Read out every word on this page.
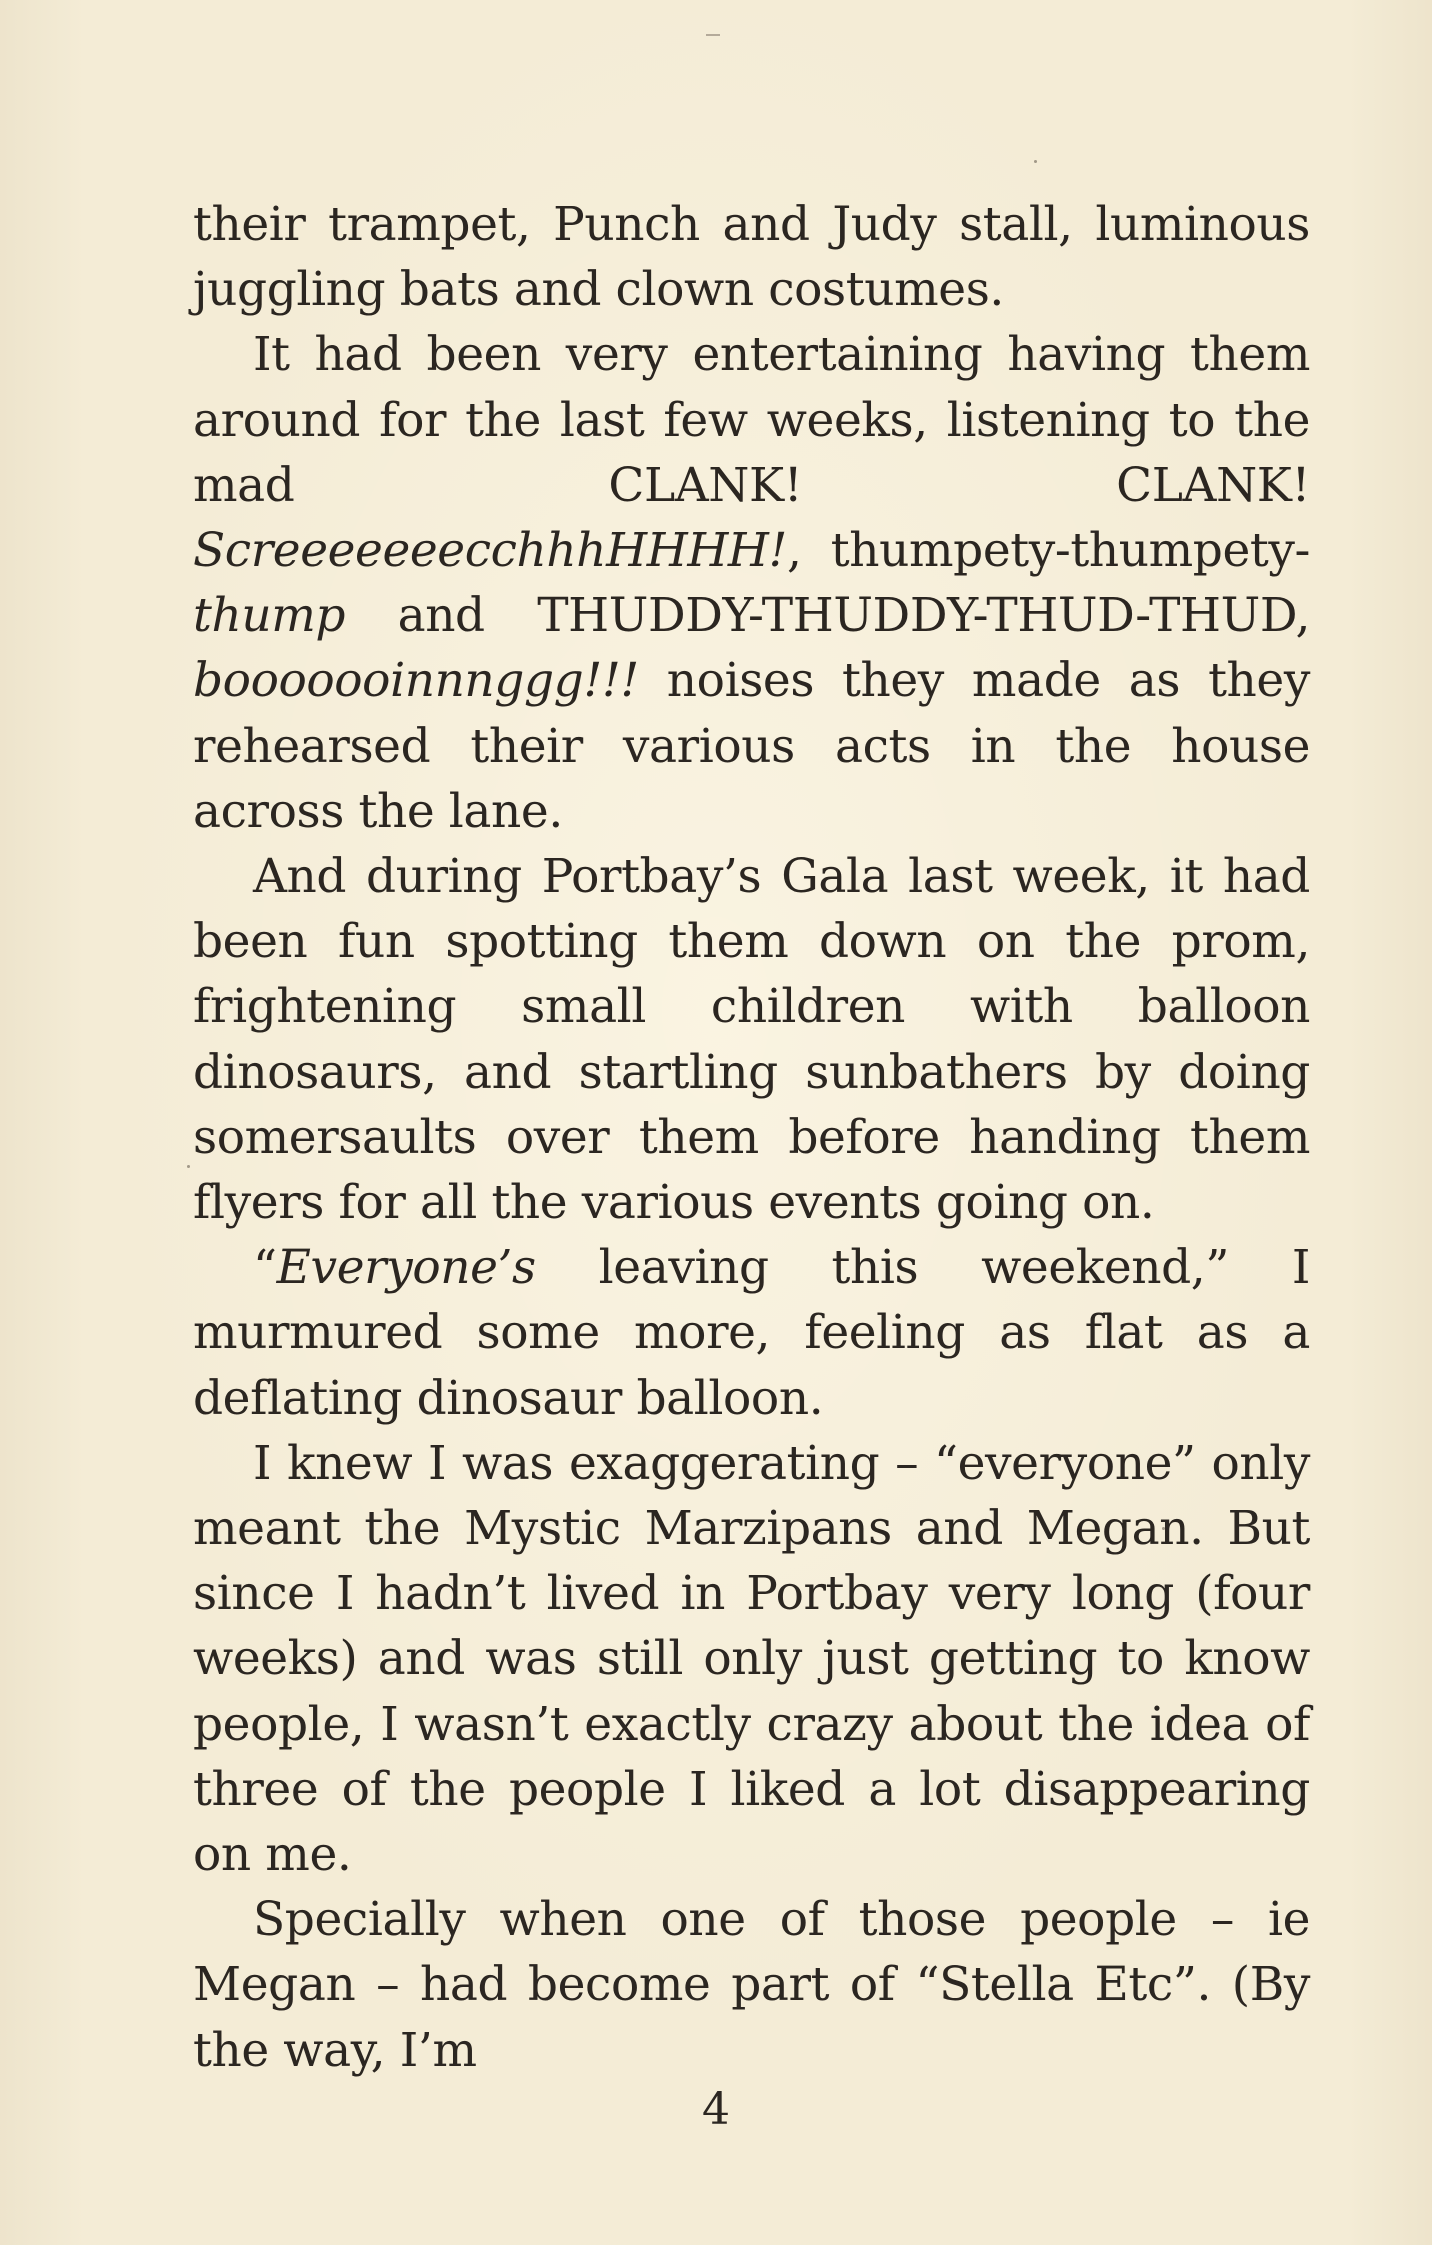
their trampet, Punch and Judy stall, luminous juggling bats and clown costumes.

It had been very entertaining having them around for the last few weeks, listening to the mad CLANK! CLANK! ScreeeeeeecchhhHHHH!, thumpety-thumpety-thump and THUDDY-THUDDY-THUD-THUD, booooooinnnggg!!! noises they made as they rehearsed their various acts in the house across the lane.

And during Portbay’s Gala last week, it had been fun spotting them down on the prom, frightening small children with balloon dinosaurs, and startling sunbathers by doing somersaults over them before handing them flyers for all the various events going on.

“Everyone’s leaving this weekend,” I murmured some more, feeling as flat as a deflating dinosaur balloon.

I knew I was exaggerating – “everyone” only meant the Mystic Marzipans and Megan. But since I hadn’t lived in Portbay very long (four weeks) and was still only just getting to know people, I wasn’t exactly crazy about the idea of three of the people I liked a lot disappearing on me.

Specially when one of those people – ie Megan – had become part of “Stella Etc”. (By the way, I’m

4
